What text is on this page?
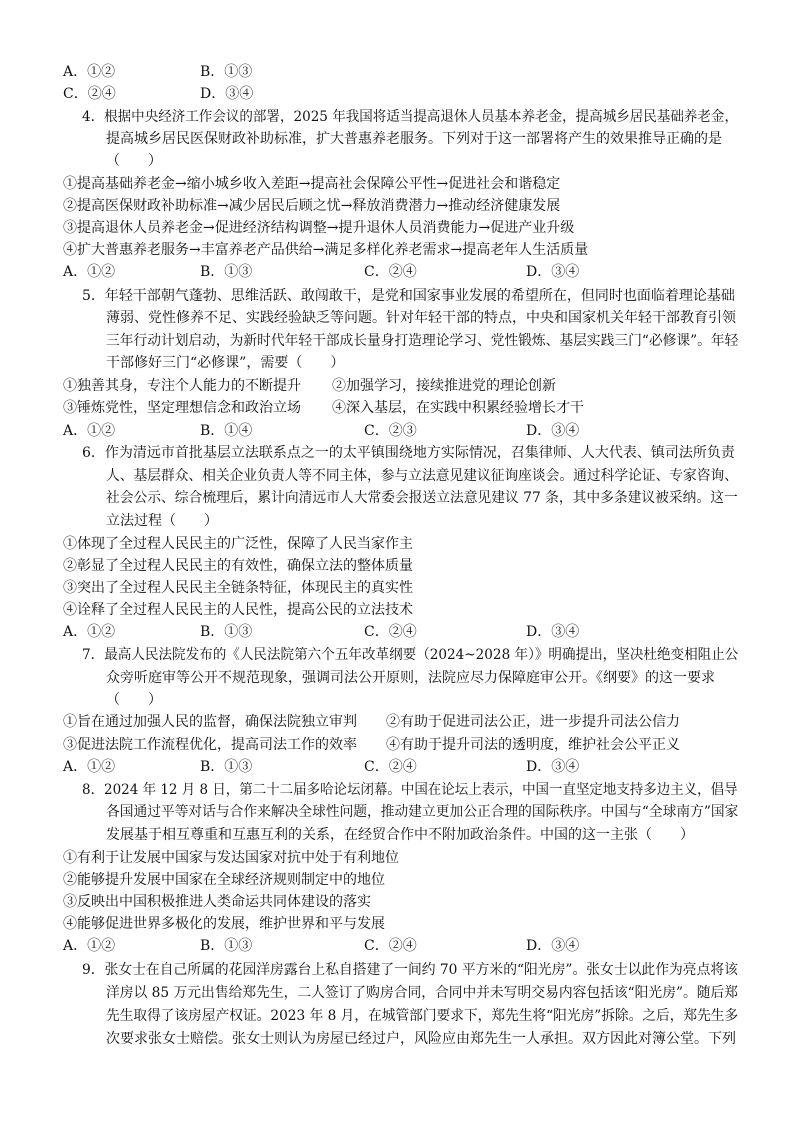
A．①②	B．①③
C．②④	D．③④
4．根据中央经济工作会议的部署，2025 年我国将适当提高退休人员基本养老金，提高城乡居民基础养老金，
提高城乡居民医保财政补助标准，扩大普惠养老服务。下列对于这一部署将产生的效果推导正确的是
（　　）
①提高基础养老金→缩小城乡收入差距→提高社会保障公平性→促进社会和谐稳定
②提高医保财政补助标准→减少居民后顾之忧→释放消费潜力→推动经济健康发展
③提高退休人员养老金→促进经济结构调整→提升退休人员消费能力→促进产业升级
④扩大普惠养老服务→丰富养老产品供给→满足多样化养老需求→提高老年人生活质量
A．①②	B．①③	C．②④	D．③④
5．年轻干部朝气蓬勃、思维活跃、敢闯敢干，是党和国家事业发展的希望所在，但同时也面临着理论基础
薄弱、党性修养不足、实践经验缺乏等问题。针对年轻干部的特点，中央和国家机关年轻干部教育引领
三年行动计划启动，为新时代年轻干部成长量身打造理论学习、党性锻炼、基层实践三门“必修课”。年轻
干部修好三门“必修课”，需要（　　）
①独善其身，专注个人能力的不断提升 ②加强学习，接续推进党的理论创新
③锤炼党性，坚定理想信念和政治立场 ④深入基层，在实践中积累经验增长才干
A．①②	B．①④	C．②③	D．③④
6．作为清远市首批基层立法联系点之一的太平镇围绕地方实际情况，召集律师、人大代表、镇司法所负责
人、基层群众、相关企业负责人等不同主体，参与立法意见建议征询座谈会。通过科学论证、专家咨询、
社会公示、综合梳理后，累计向清远市人大常委会报送立法意见建议 77 条，其中多条建议被采纳。这一
立法过程（　　）
①体现了全过程人民民主的广泛性，保障了人民当家作主
②彰显了全过程人民民主的有效性，确保立法的整体质量
③突出了全过程人民民主全链条特征，体现民主的真实性
④诠释了全过程人民民主的人民性，提高公民的立法技术
A．①②	B．①③	C．②④	D．③④
7．最高人民法院发布的《人民法院第六个五年改革纲要（2024~2028 年）》明确提出，坚决杜绝变相阻止公
众旁听庭审等公开不规范现象，强调司法公开原则，法院应尽力保障庭审公开。《纲要》的这一要求
（　　）
①旨在通过加强人民的监督，确保法院独立审判 ②有助于促进司法公正，进一步提升司法公信力
③促进法院工作流程优化，提高司法工作的效率 ④有助于提升司法的透明度，维护社会公平正义
A．①②	B．①③	C．②④	D．③④
8．2024 年 12 月 8 日，第二十二届多哈论坛闭幕。中国在论坛上表示，中国一直坚定地支持多边主义，倡导
各国通过平等对话与合作来解决全球性问题，推动建立更加公正合理的国际秩序。中国与“全球南方”国家
发展基于相互尊重和互惠互利的关系，在经贸合作中不附加政治条件。中国的这一主张（　　）
①有利于让发展中国家与发达国家对抗中处于有利地位
②能够提升发展中国家在全球经济规则制定中的地位
③反映出中国积极推进人类命运共同体建设的落实
④能够促进世界多极化的发展，维护世界和平与发展
A．①②	B．①③	C．②④	D．③④
9．张女士在自己所属的花园洋房露台上私自搭建了一间约 70 平方米的“阳光房”。张女士以此作为亮点将该
洋房以 85 万元出售给郑先生，二人签订了购房合同，合同中并未写明交易内容包括该“阳光房”。随后郑
先生取得了该房屋产权证。2023 年 8 月，在城管部门要求下，郑先生将“阳光房”拆除。之后，郑先生多
次要求张女士赔偿。张女士则认为房屋已经过户，风险应由郑先生一人承担。双方因此对簿公堂。下列
